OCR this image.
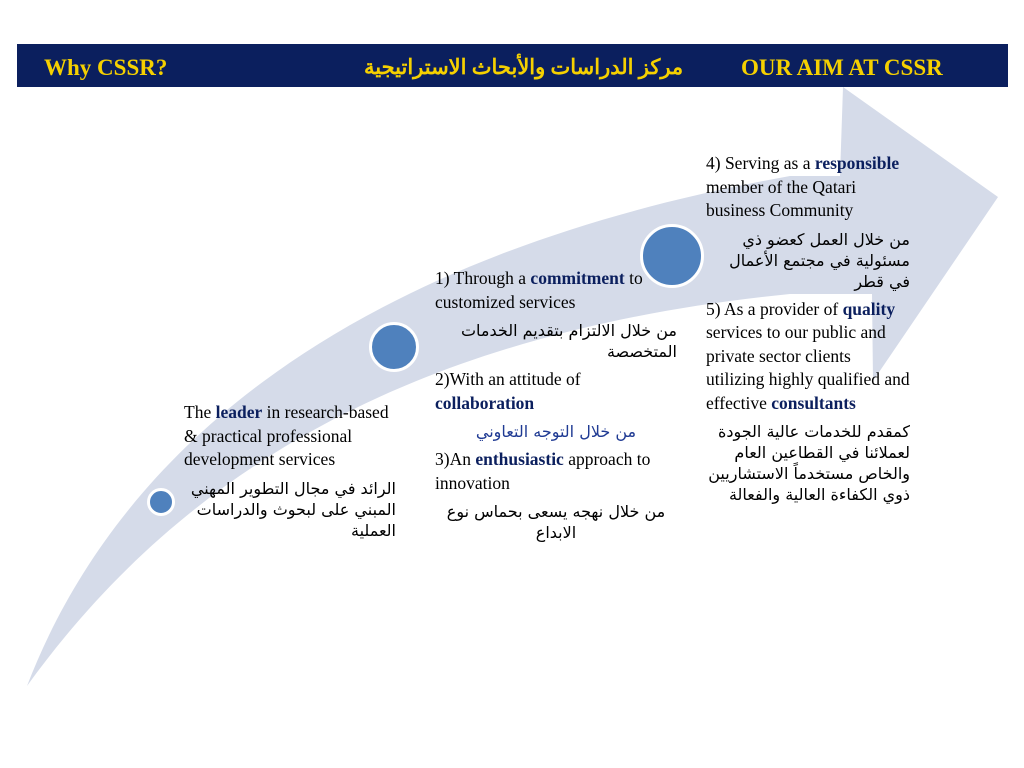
Why CSSR?	مركز الدراسات والأبحاث الاستراتيجية	OUR AIM AT CSSR

The leader in research-based & practical professional development services

الرائد في مجال التطوير المهني المبني على لبحوث والدراسات العملية

1) Through a commitment to customized services

من خلال الالتزام بتقديم الخدمات المتخصصة

2)With an attitude of collaboration

من خلال التوجه التعاوني

3)An enthusiastic approach to innovation

من خلال نهجه يسعى بحماس نوع الابداع

4) Serving as a responsible member of the Qatari business Community

من خلال العمل كعضو ذي مسئولية في مجتمع الأعمال في قطر

5) As a provider of quality services to our public and private sector clients utilizing highly qualified and effective consultants

كمقدم للخدمات عالية الجودة لعملائنا في القطاعين العام والخاص مستخدماً الاستشاريين ذوي الكفاءة العالية والفعالة
